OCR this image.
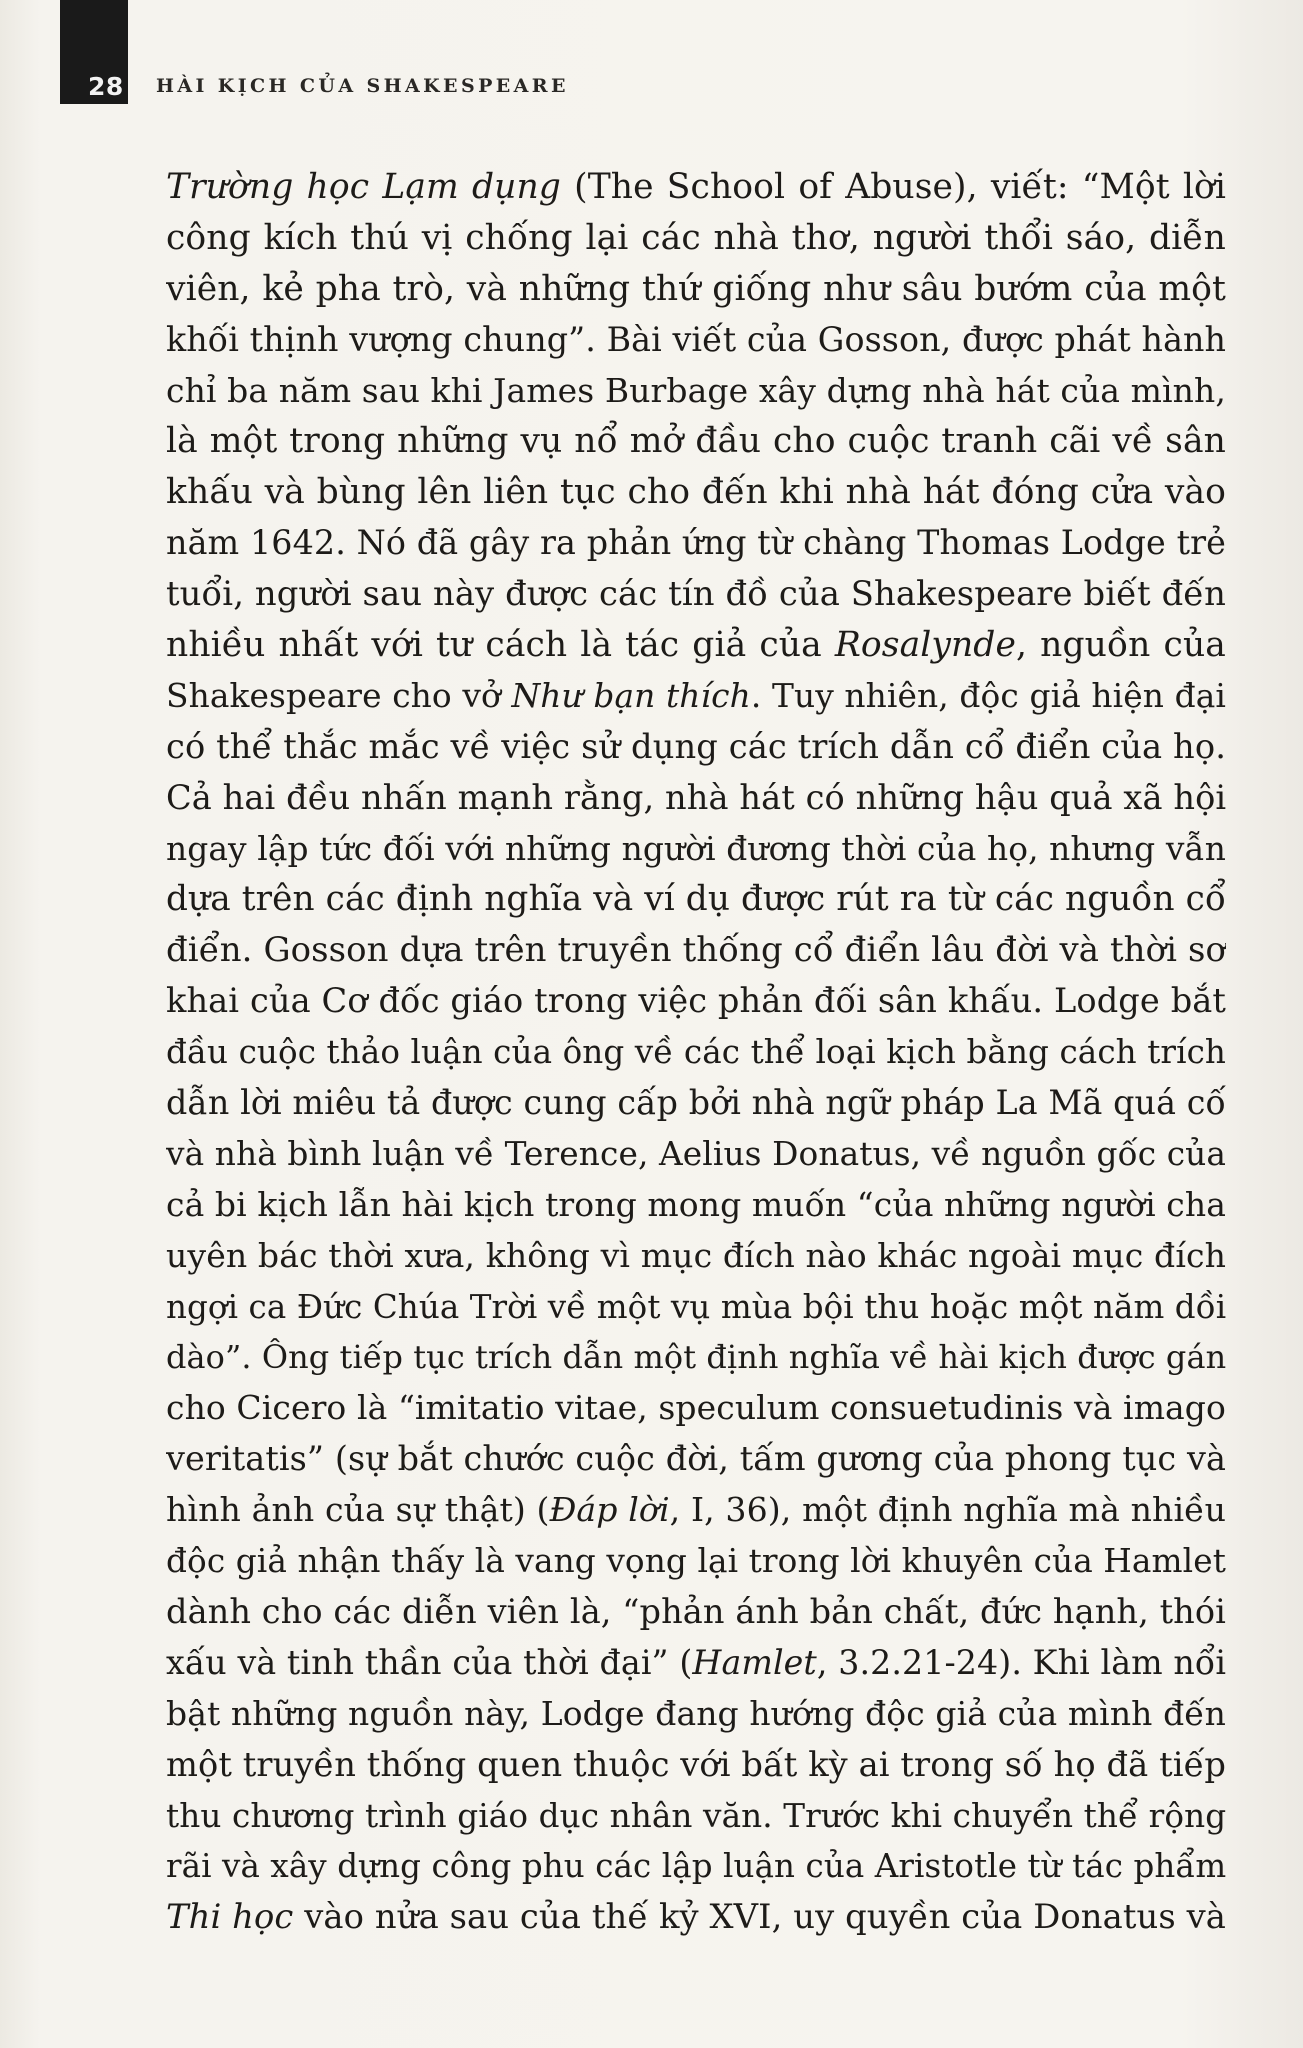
28 HÀI KỊCH CỦA SHAKESPEARE
Trường học Lạm dụng (The School of Abuse), viết: “Một lời
công kích thú vị chống lại các nhà thơ, người thổi sáo, diễn
viên, kẻ pha trò, và những thứ giống như sâu bướm của một
khối thịnh vượng chung”. Bài viết của Gosson, được phát hành
chỉ ba năm sau khi James Burbage xây dựng nhà hát của mình,
là một trong những vụ nổ mở đầu cho cuộc tranh cãi về sân
khấu và bùng lên liên tục cho đến khi nhà hát đóng cửa vào
năm 1642. Nó đã gây ra phản ứng từ chàng Thomas Lodge trẻ
tuổi, người sau này được các tín đồ của Shakespeare biết đến
nhiều nhất với tư cách là tác giả của Rosalynde, nguồn của
Shakespeare cho vở Như bạn thích. Tuy nhiên, độc giả hiện đại
có thể thắc mắc về việc sử dụng các trích dẫn cổ điển của họ.
Cả hai đều nhấn mạnh rằng, nhà hát có những hậu quả xã hội
ngay lập tức đối với những người đương thời của họ, nhưng vẫn
dựa trên các định nghĩa và ví dụ được rút ra từ các nguồn cổ
điển. Gosson dựa trên truyền thống cổ điển lâu đời và thời sơ
khai của Cơ đốc giáo trong việc phản đối sân khấu. Lodge bắt
đầu cuộc thảo luận của ông về các thể loại kịch bằng cách trích
dẫn lời miêu tả được cung cấp bởi nhà ngữ pháp La Mã quá cố
và nhà bình luận về Terence, Aelius Donatus, về nguồn gốc của
cả bi kịch lẫn hài kịch trong mong muốn “của những người cha
uyên bác thời xưa, không vì mục đích nào khác ngoài mục đích
ngợi ca Đức Chúa Trời về một vụ mùa bội thu hoặc một năm dồi
dào”. Ông tiếp tục trích dẫn một định nghĩa về hài kịch được gán
cho Cicero là “imitatio vitae, speculum consuetudinis và imago
veritatis” (sự bắt chước cuộc đời, tấm gương của phong tục và
hình ảnh của sự thật) (Đáp lời, I, 36), một định nghĩa mà nhiều
độc giả nhận thấy là vang vọng lại trong lời khuyên của Hamlet
dành cho các diễn viên là, “phản ánh bản chất, đức hạnh, thói
xấu và tinh thần của thời đại” (Hamlet, 3.2.21-24). Khi làm nổi
bật những nguồn này, Lodge đang hướng độc giả của mình đến
một truyền thống quen thuộc với bất kỳ ai trong số họ đã tiếp
thu chương trình giáo dục nhân văn. Trước khi chuyển thể rộng
rãi và xây dựng công phu các lập luận của Aristotle từ tác phẩm
Thi học vào nửa sau của thế kỷ XVI, uy quyền của Donatus và
